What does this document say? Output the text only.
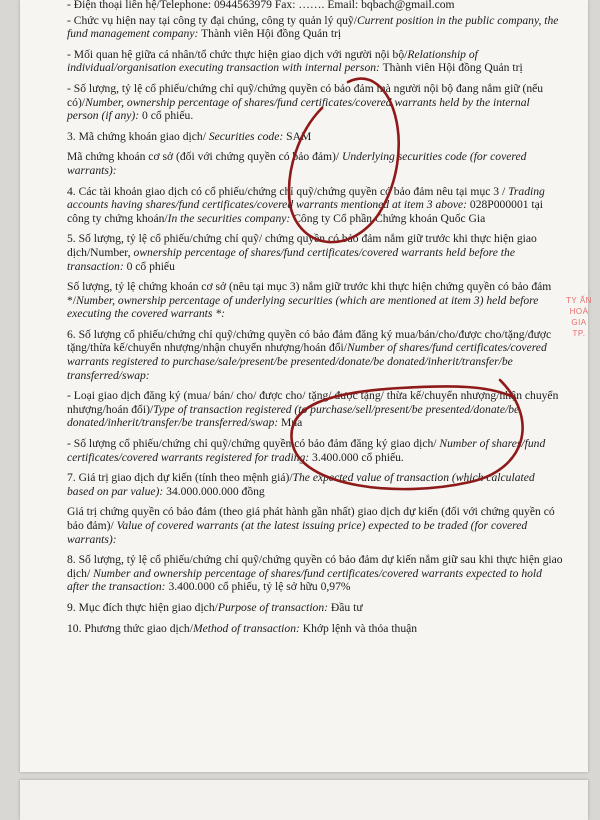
- Điện thoại liên hệ/Telephone: 0944563979 Fax: ……. Email: bqbach@gmail.com

- Chức vụ hiện nay tại công ty đại chúng, công ty quản lý quỹ/Current position in the public company, the fund management company: Thành viên Hội đồng Quản trị

- Mối quan hệ giữa cá nhân/tổ chức thực hiện giao dịch với người nội bộ/Relationship of individual/organisation executing transaction with internal person: Thành viên Hội đồng Quản trị

- Số lượng, tỷ lệ cổ phiếu/chứng chỉ quỹ/chứng quyền có bảo đảm mà người nội bộ đang nắm giữ (nếu có)/Number, ownership percentage of shares/fund certificates/covered warrants held by the internal person (if any): 0 cổ phiếu.

3. Mã chứng khoán giao dịch/ Securities code: SAM

Mã chứng khoán cơ sở (đối với chứng quyền có bảo đảm)/ Underlying securities code (for covered warrants):

4. Các tài khoản giao dịch có cổ phiếu/chứng chỉ quỹ/chứng quyền có bảo đảm nêu tại mục 3 / Trading accounts having shares/fund certificates/covered warrants mentioned at item 3 above: 028P000001 tại công ty chứng khoán/In the securities company: Công ty Cổ phần Chứng khoán Quốc Gia

5. Số lượng, tỷ lệ cổ phiếu/chứng chỉ quỹ/ chứng quyền có bảo đảm nắm giữ trước khi thực hiện giao dịch/Number, ownership percentage of shares/fund certificates/covered warrants held before the transaction: 0 cổ phiếu

Số lượng, tỷ lệ chứng khoán cơ sở (nêu tại mục 3) nắm giữ trước khi thực hiện chứng quyền có bảo đảm */Number, ownership percentage of underlying securities (which are mentioned at item 3) held before executing the covered warrants *:

6. Số lượng cổ phiếu/chứng chỉ quỹ/chứng quyền có bảo đảm đăng ký mua/bán/cho/được cho/tặng/được tặng/thừa kế/chuyển nhượng/nhận chuyển nhượng/hoán đổi/Number of shares/fund certificates/covered warrants registered to purchase/sale/present/be presented/donate/be donated/inherit/transfer/be transferred/swap:

- Loại giao dịch đăng ký (mua/ bán/ cho/ được cho/ tặng/ được tặng/ thừa kế/chuyển nhượng/nhận chuyển nhượng/hoán đổi)/Type of transaction registered (to purchase/sell/present/be presented/donate/be donated/inherit/transfer/be transferred/swap: Mua

- Số lượng cổ phiếu/chứng chỉ quỹ/chứng quyền có bảo đảm đăng ký giao dịch/ Number of shares/fund certificates/covered warrants registered for trading: 3.400.000 cổ phiếu.

7. Giá trị giao dịch dự kiến (tính theo mệnh giá)/The expected value of transaction (which calculated based on par value): 34.000.000.000 đồng

Giá trị chứng quyền có bảo đảm (theo giá phát hành gần nhất) giao dịch dự kiến (đối với chứng quyền có bảo đảm)/ Value of covered warrants (at the latest issuing price) expected to be traded (for covered warrants):

8. Số lượng, tỷ lệ cổ phiếu/chứng chỉ quỹ/chứng quyền có bảo đảm dự kiến nắm giữ sau khi thực hiện giao dịch/ Number and ownership percentage of shares/fund certificates/covered warrants expected to hold after the transaction: 3.400.000 cổ phiếu, tỷ lệ sở hữu 0,97%

9. Mục đích thực hiện giao dịch/Purpose of transaction: Đầu tư

10. Phương thức giao dịch/Method of transaction: Khớp lệnh và thỏa thuận

TY ẤN HOÁ GIA TP.
